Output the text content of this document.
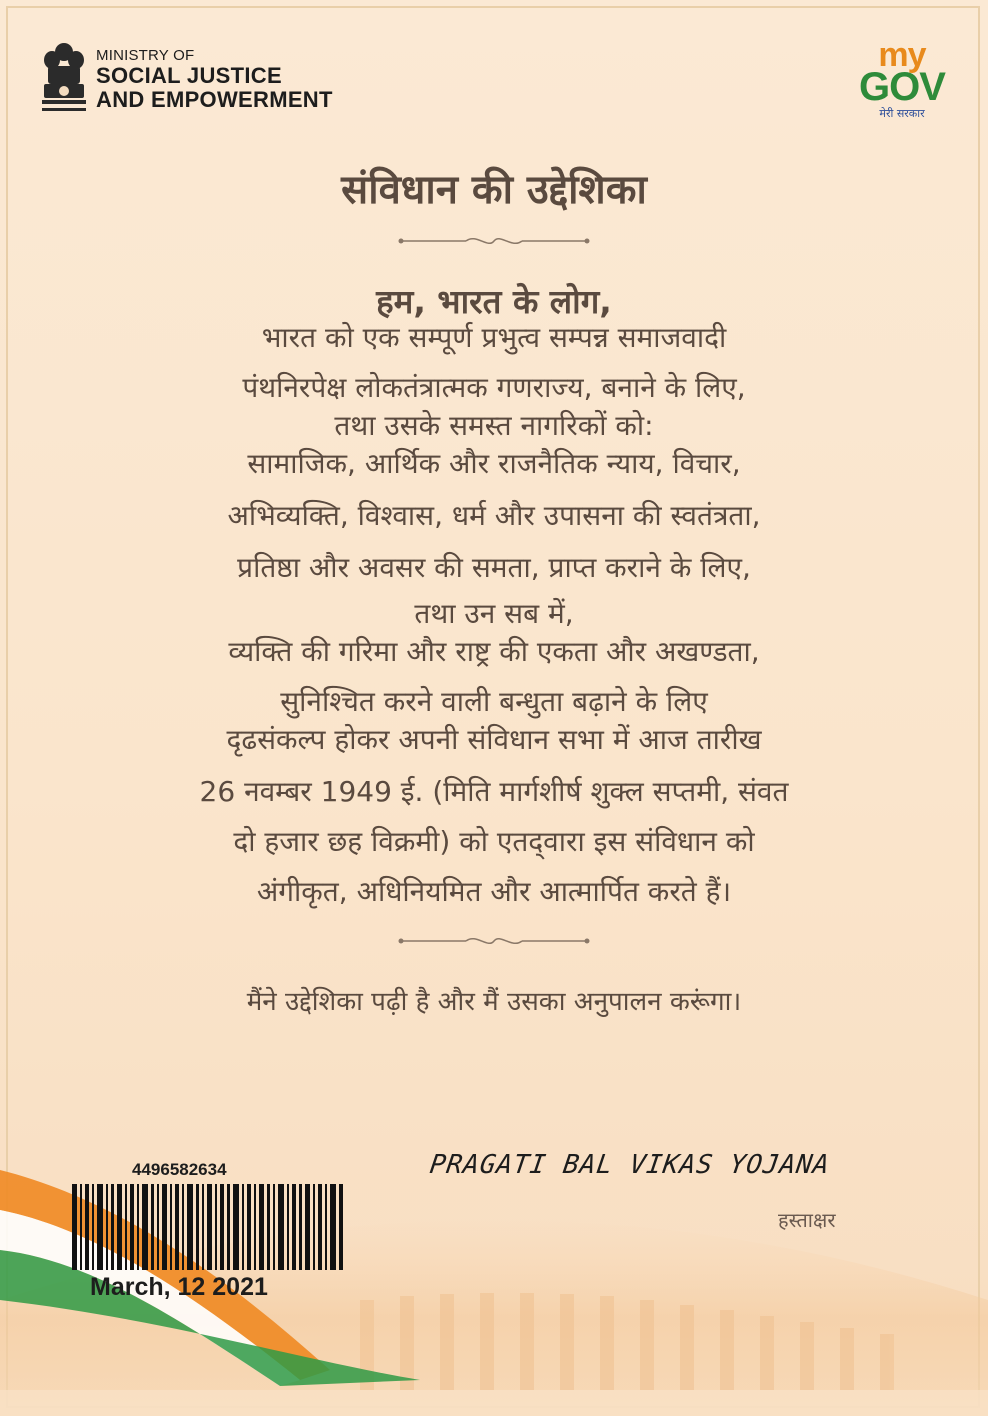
MINISTRY OF
SOCIAL JUSTICE
AND EMPOWERMENT
my
GOV
मेरी सरकार
संविधान की उद्देशिका
हम, भारत के लोग,
भारत को एक सम्पूर्ण प्रभुत्व सम्पन्न समाजवादी
पंथनिरपेक्ष लोकतंत्रात्मक गणराज्य, बनाने के लिए,
तथा उसके समस्त नागरिकों को:
सामाजिक, आर्थिक और राजनैतिक न्याय, विचार,
अभिव्यक्ति, विश्वास, धर्म और उपासना की स्वतंत्रता,
प्रतिष्ठा और अवसर की समता, प्राप्त कराने के लिए,
तथा उन सब में,
व्यक्ति की गरिमा और राष्ट्र की एकता और अखण्डता,
सुनिश्चित करने वाली बन्धुता बढ़ाने के लिए
दृढसंकल्प होकर अपनी संविधान सभा में आज तारीख
26 नवम्बर 1949 ई. (मिति मार्गशीर्ष शुक्ल सप्तमी, संवत
दो हजार छह विक्रमी) को एतद्‌वारा इस संविधान को
अंगीकृत, अधिनियमित और आत्मार्पित करते हैं।
मैंने उद्देशिका पढ़ी है और मैं उसका अनुपालन करूंगा।
4496582634
March, 12 2021
PRAGATI BAL VIKAS YOJANA
हस्ताक्षर
